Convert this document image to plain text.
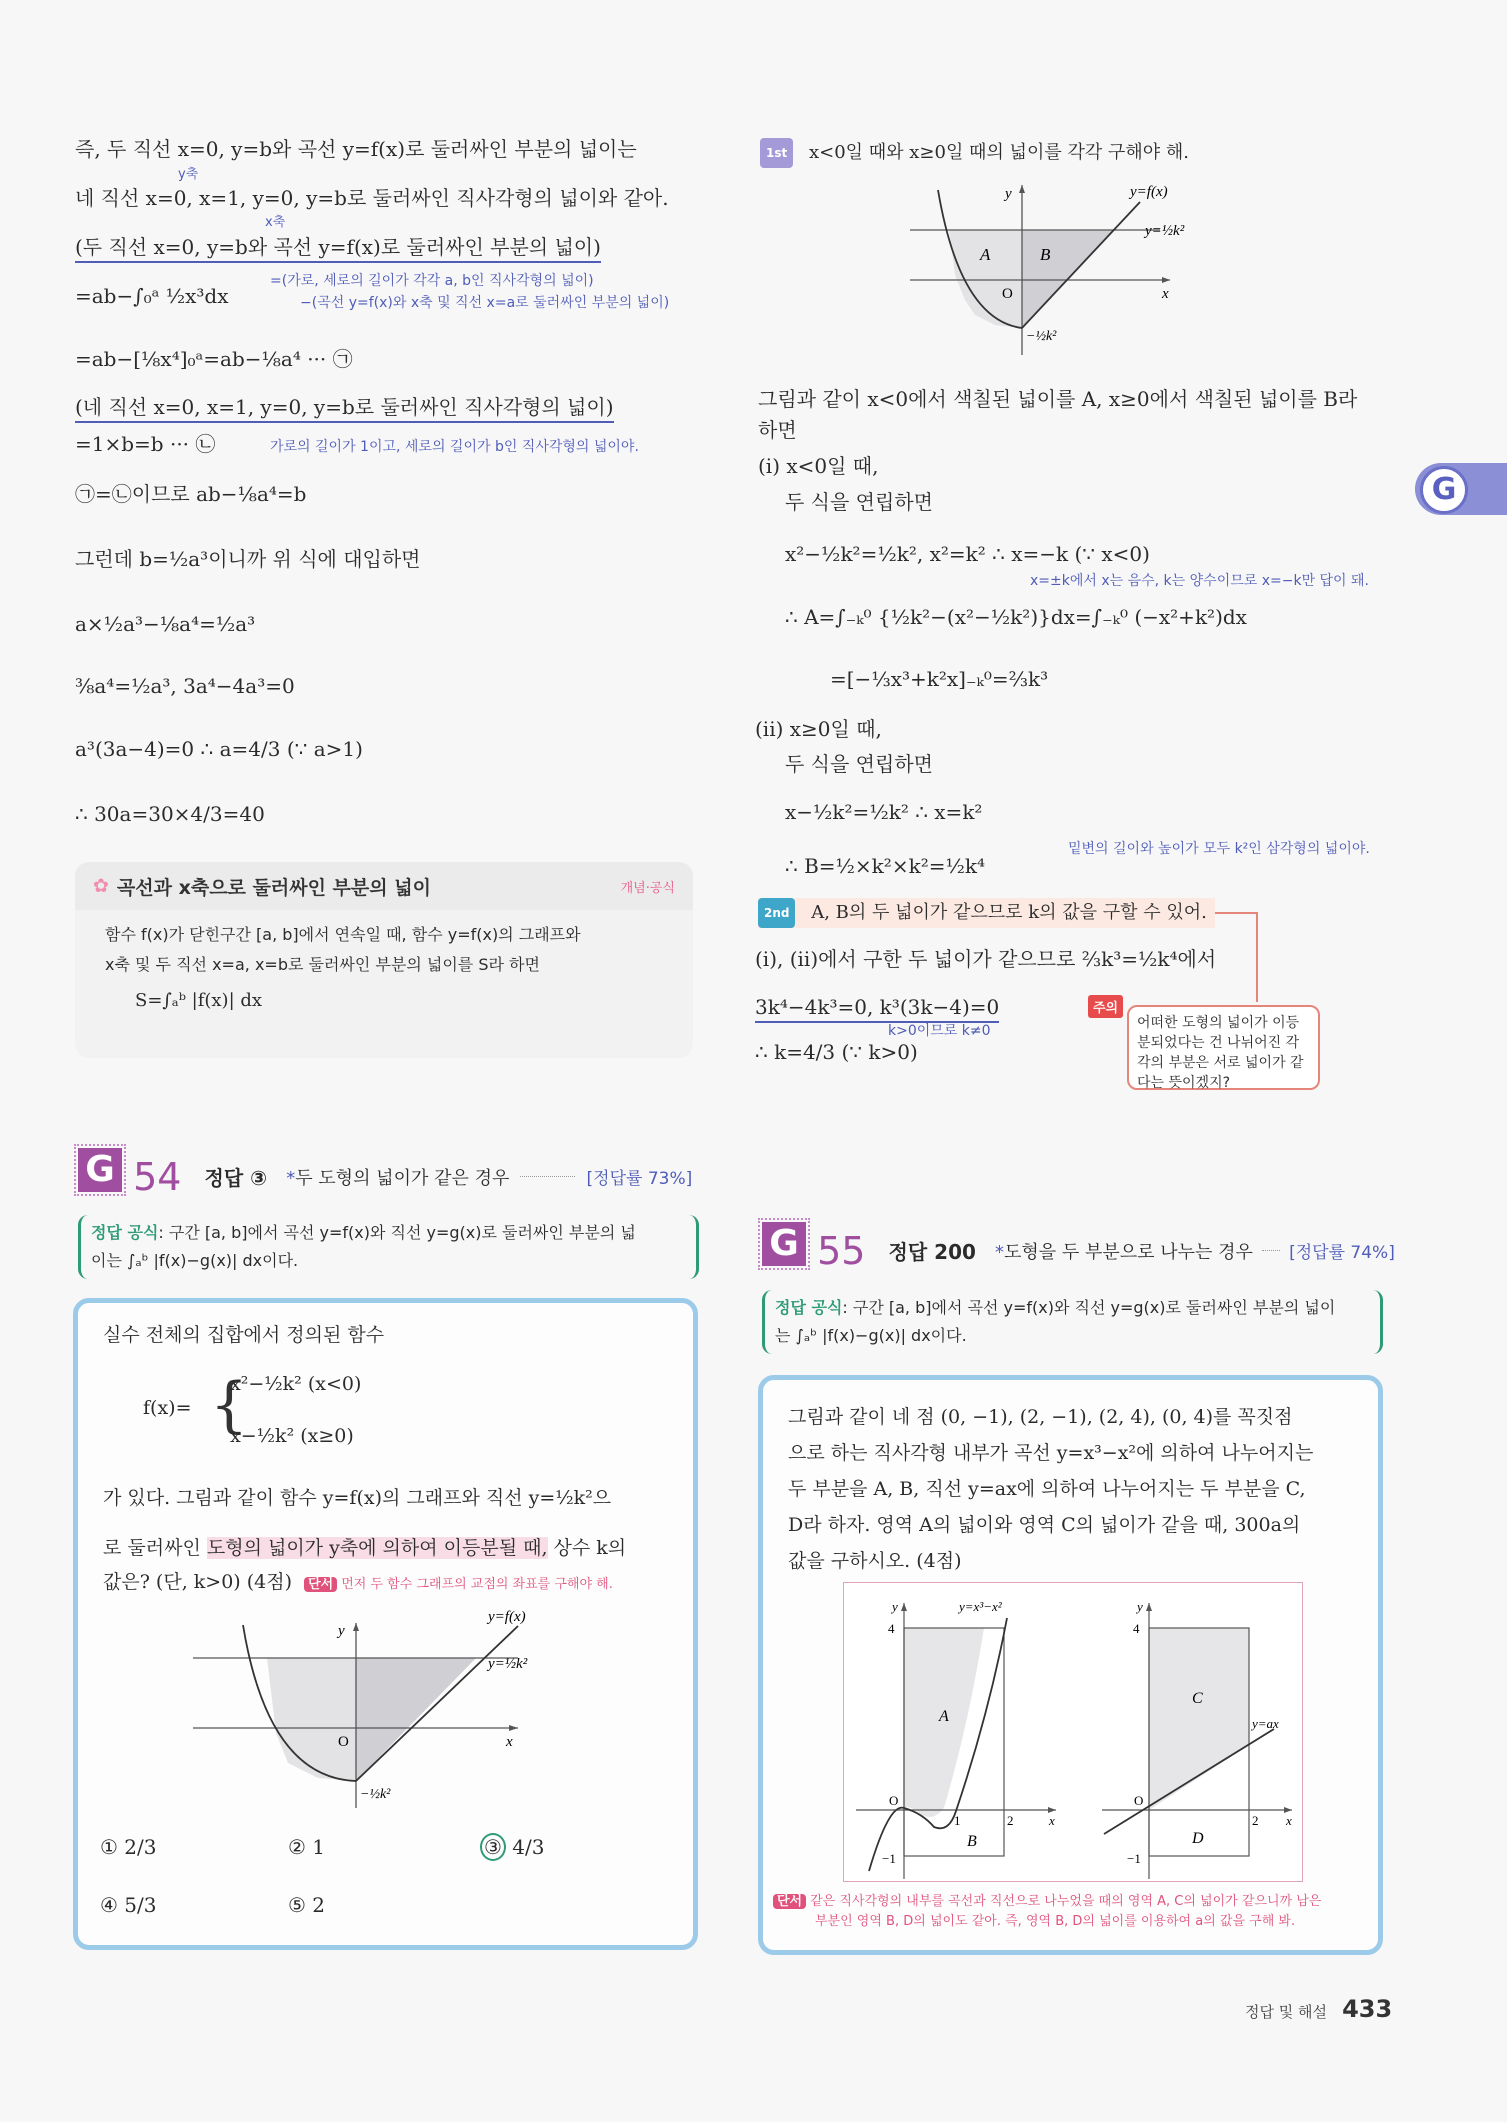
즉, 두 직선 x=0, y=b와 곡선 y=f(x)로 둘러싸인 부분의 넓이는
y축
네 직선 x=0, x=1, y=0, y=b로 둘러싸인 직사각형의 넓이와 같아.
x축
(두 직선 x=0, y=b와 곡선 y=f(x)로 둘러싸인 부분의 넓이)
=ab−∫₀ᵃ ½x³dx
=(가로, 세로의 길이가 각각 a, b인 직사각형의 넓이)
−(곡선 y=f(x)와 x축 및 직선 x=a로 둘러싸인 부분의 넓이)
=ab−[⅛x⁴]₀ᵃ=ab−⅛a⁴ ··· ㉠
(네 직선 x=0, x=1, y=0, y=b로 둘러싸인 직사각형의 넓이)
=1×b=b ··· ㉡	가로의 길이가 1이고, 세로의 길이가 b인 직사각형의 넓이야.
㉠=㉡이므로 ab−⅛a⁴=b
그런데 b=½a³이니까 위 식에 대입하면
a×½a³−⅛a⁴=½a³
⅜a⁴=½a³, 3a⁴−4a³=0
a³(3a−4)=0 ∴ a=4/3 (∵ a>1)
∴ 30a=30×4/3=40
✿ 곡선과 x축으로 둘러싸인 부분의 넓이	개념·공식
함수 f(x)가 닫힌구간 [a, b]에서 연속일 때, 함수 y=f(x)의 그래프와
x축 및 두 직선 x=a, x=b로 둘러싸인 부분의 넓이를 S라 하면
S=∫ₐᵇ |f(x)| dx
1st x<0일 때와 x≥0일 때의 넓이를 각각 구해야 해.
y	y=f(x)
y=½k²
A	B
O	x
−½k²
그림과 같이 x<0에서 색칠된 넓이를 A, x≥0에서 색칠된 넓이를 B라
하면
(i) x<0일 때,
두 식을 연립하면
x²−½k²=½k², x²=k² ∴ x=−k (∵ x<0)
x=±k에서 x는 음수, k는 양수이므로 x=−k만 답이 돼.
∴ A=∫₋ₖ⁰ {½k²−(x²−½k²)}dx=∫₋ₖ⁰ (−x²+k²)dx
=[−⅓x³+k²x]₋ₖ⁰=⅔k³
(ii) x≥0일 때,
두 식을 연립하면
x−½k²=½k² ∴ x=k²
∴ B=½×k²×k²=½k⁴
밑변의 길이와 높이가 모두 k²인 삼각형의 넓이야.
2nd A, B의 두 넓이가 같으므로 k의 값을 구할 수 있어.
(i), (ii)에서 구한 두 넓이가 같으므로 ⅔k³=½k⁴에서
3k⁴−4k³=0, k³(3k−4)=0
k>0이므로 k≠0
∴ k=4/3 (∵ k>0)
주의
어떠한 도형의 넓이가 이등분되었다는 건 나뉘어진 각각의 부분은 서로 넓이가 같다는 뜻이겠지?
G
G 54 정답 ③ *두 도형의 넓이가 같은 경우	[정답률 73%]
정답 공식: 구간 [a, b]에서 곡선 y=f(x)와 직선 y=g(x)로 둘러싸인 부분의 넓
이는 ∫ₐᵇ |f(x)−g(x)| dx이다.
실수 전체의 집합에서 정의된 함수
f(x)= {
x²−½k² (x<0)
x−½k² (x≥0)
가 있다. 그림과 같이 함수 y=f(x)의 그래프와 직선 y=½k²으
로 둘러싸인 도형의 넓이가 y축에 의하여 이등분될 때, 상수 k의
값은? (단, k>0) (4점) 단서 먼저 두 함수 그래프의 교점의 좌표를 구해야 해.
y
y=f(x)
y=½k²
O	x
−½k²
① 2/3	② 1	③ 4/3
④ 5/3	⑤ 2
G 55 정답 200 *도형을 두 부분으로 나누는 경우 [정답률 74%]
정답 공식: 구간 [a, b]에서 곡선 y=f(x)와 직선 y=g(x)로 둘러싸인 부분의 넓이
는 ∫ₐᵇ |f(x)−g(x)| dx이다.
그림과 같이 네 점 (0, −1), (2, −1), (2, 4), (0, 4)를 꼭짓점
으로 하는 직사각형 내부가 곡선 y=x³−x²에 의하여 나누어지는
두 부분을 A, B, 직선 y=ax에 의하여 나누어지는 두 부분을 C,
D라 하자. 영역 A의 넓이와 영역 C의 넓이가 같을 때, 300a의
값을 구하시오. (4점)
y	y=x³−x²
4
−1
O
1	2	x
A
B
y
4
−1
O
2 x
y=ax
C
D
단서 같은 직사각형의 내부를 곡선과 직선으로 나누었을 때의 영역 A, C의 넓이가 같으니까 남은
부분인 영역 B, D의 넓이도 같아. 즉, 영역 B, D의 넓이를 이용하여 a의 값을 구해 봐.
정답 및 해설 433
